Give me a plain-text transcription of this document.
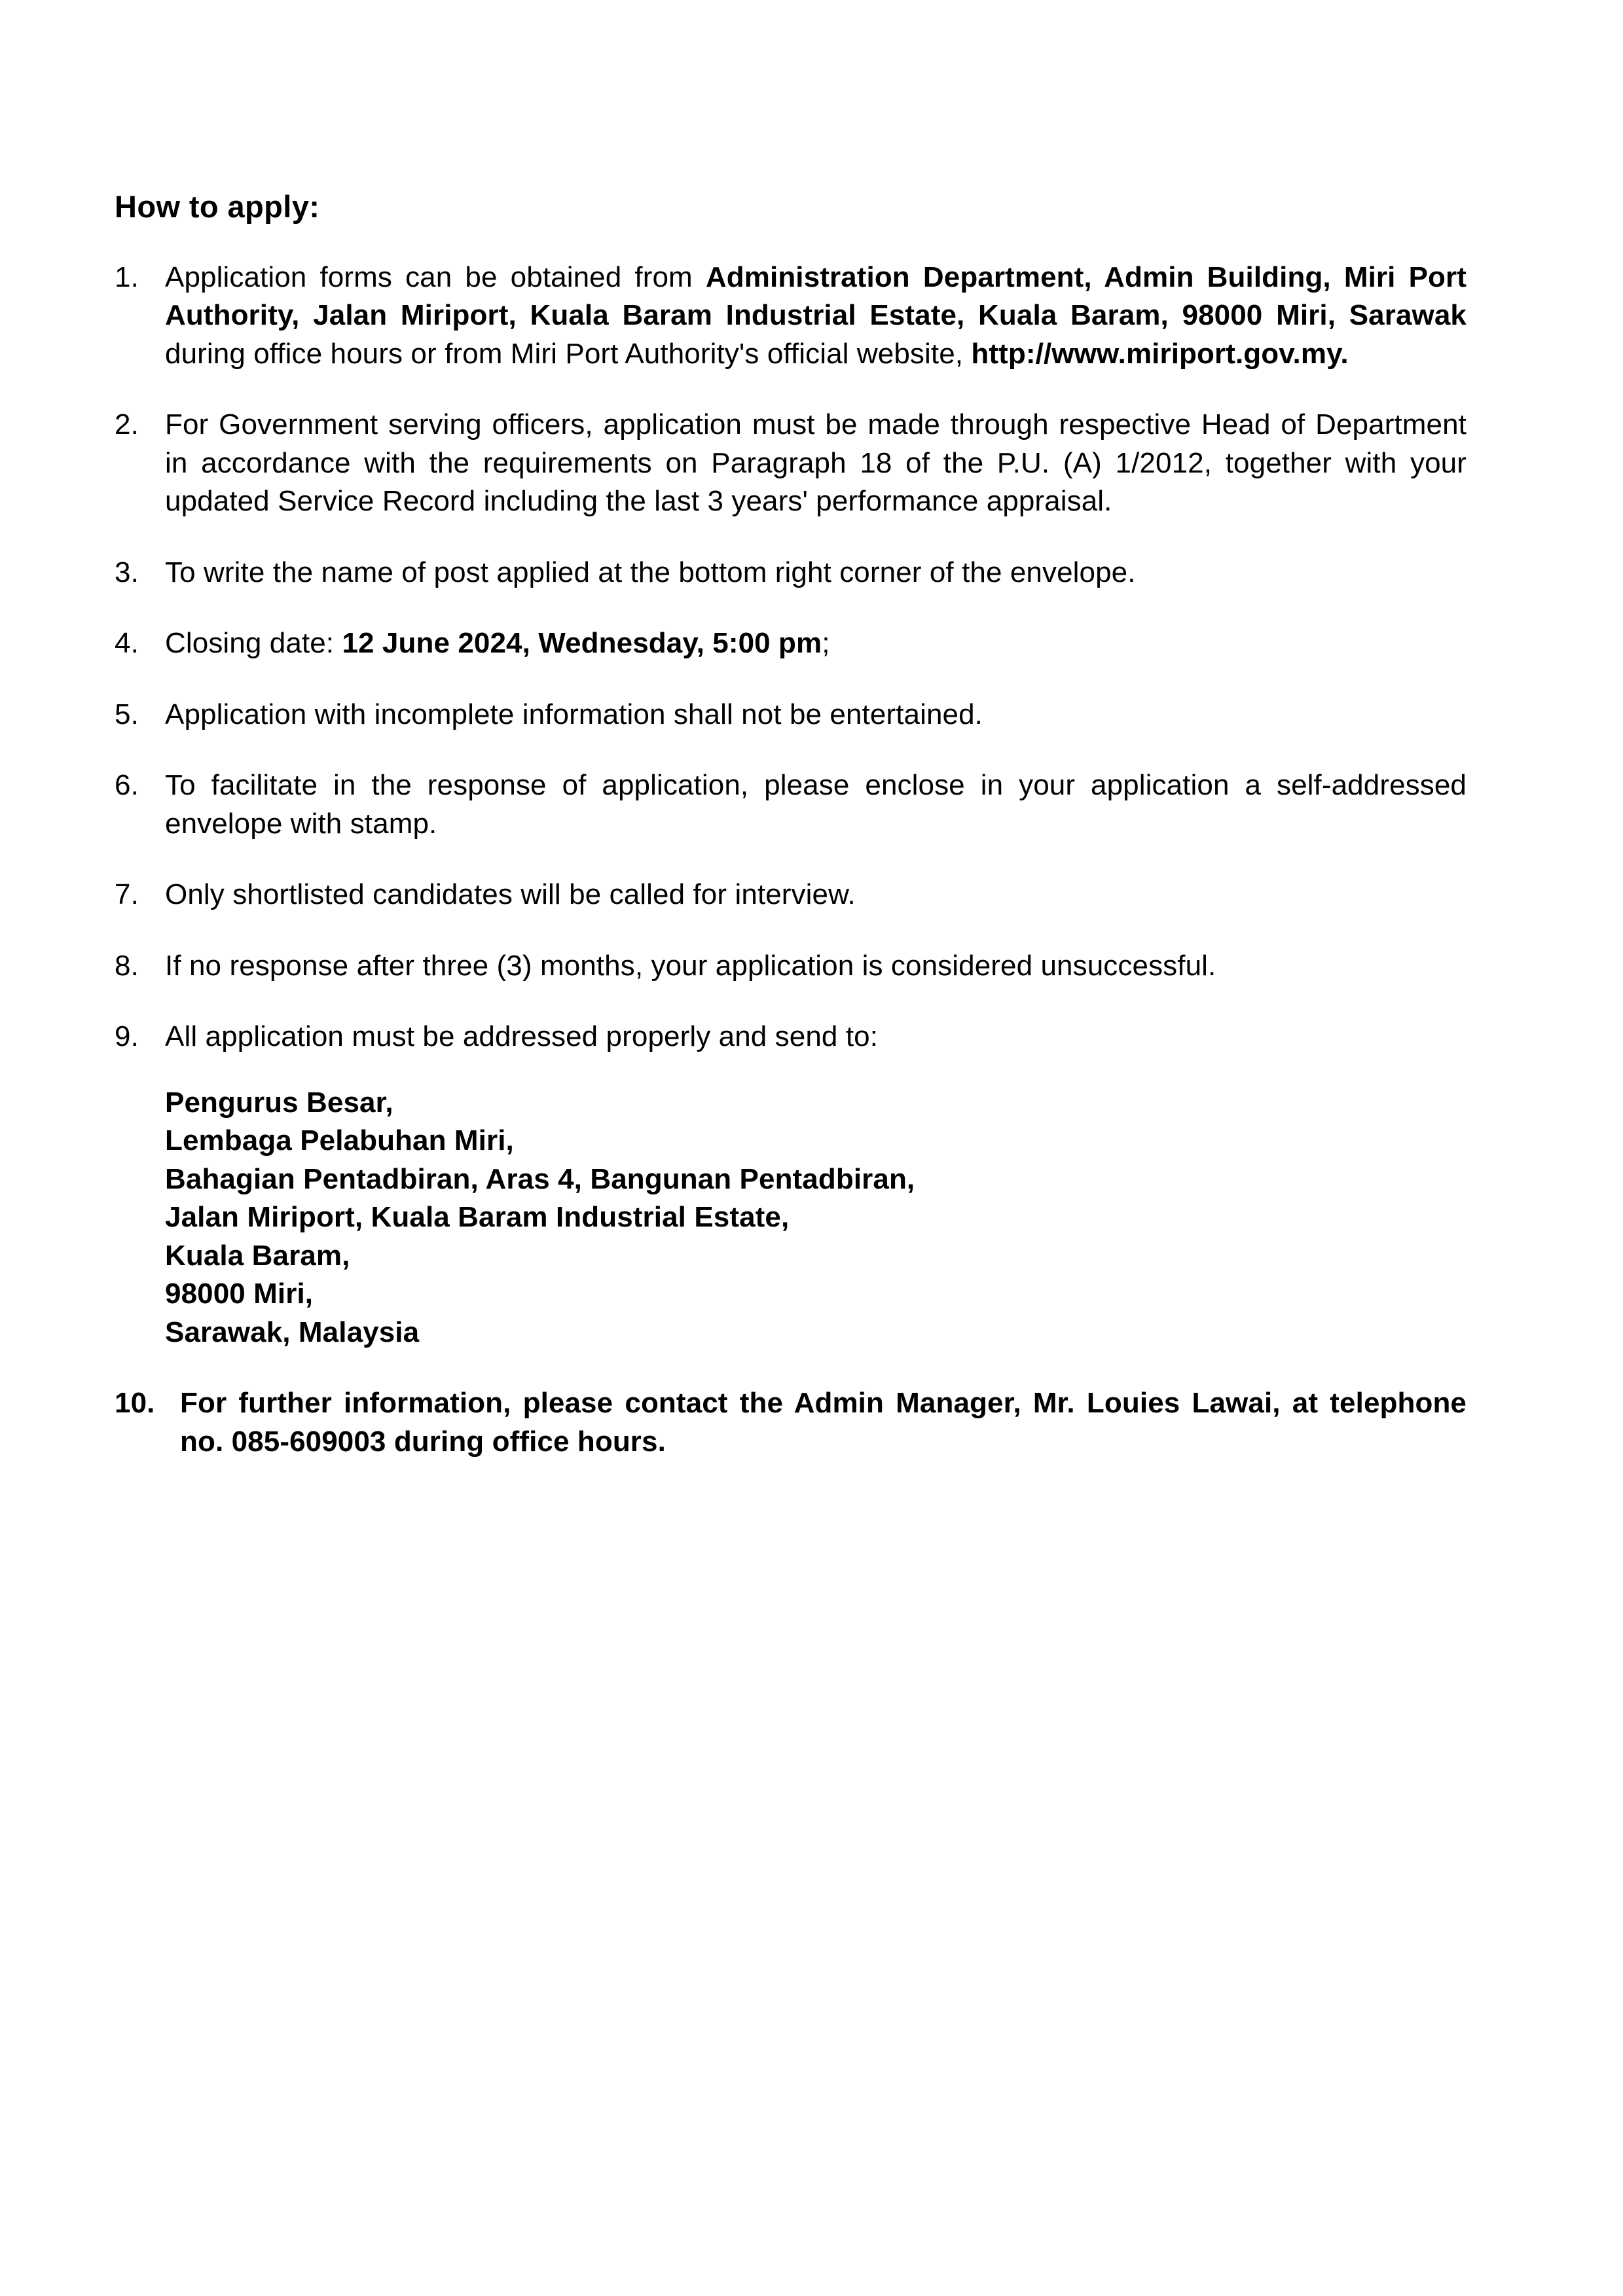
How to apply:
1. Application forms can be obtained from Administration Department, Admin Building, Miri Port Authority, Jalan Miriport, Kuala Baram Industrial Estate, Kuala Baram, 98000 Miri, Sarawak during office hours or from Miri Port Authority's official website, http://www.miriport.gov.my.
2. For Government serving officers, application must be made through respective Head of Department in accordance with the requirements on Paragraph 18 of the P.U. (A) 1/2012, together with your updated Service Record including the last 3 years' performance appraisal.
3. To write the name of post applied at the bottom right corner of the envelope.
4. Closing date: 12 June 2024, Wednesday, 5:00 pm;
5. Application with incomplete information shall not be entertained.
6. To facilitate in the response of application, please enclose in your application a self-addressed envelope with stamp.
7. Only shortlisted candidates will be called for interview.
8. If no response after three (3) months, your application is considered unsuccessful.
9. All application must be addressed properly and send to:
Pengurus Besar,
Lembaga Pelabuhan Miri,
Bahagian Pentadbiran, Aras 4, Bangunan Pentadbiran,
Jalan Miriport, Kuala Baram Industrial Estate,
Kuala Baram,
98000 Miri,
Sarawak, Malaysia
10. For further information, please contact the Admin Manager, Mr. Louies Lawai, at telephone no. 085-609003 during office hours.
